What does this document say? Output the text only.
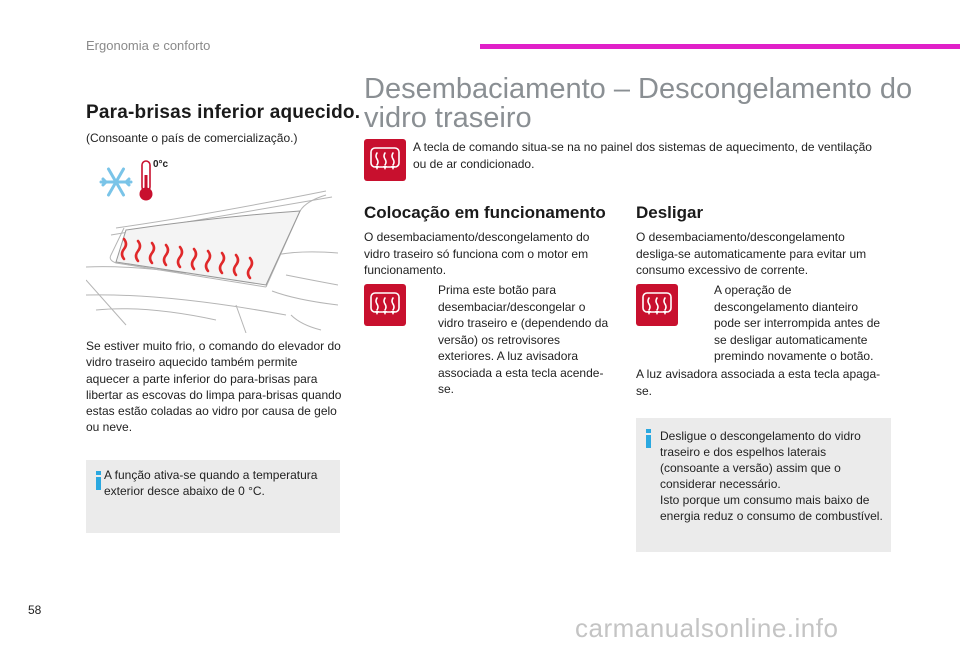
Ergonomia e conforto
Para-brisas inferior aquecido.
(Consoante o país de comercialização.)
0°c
Se estiver muito frio, o comando do elevador do vidro traseiro aquecido também permite aquecer a parte inferior do para-brisas para libertar as escovas do limpa para-brisas quando estas estão coladas ao vidro por causa de gelo ou neve.
A função ativa-se quando a temperatura exterior desce abaixo de 0 °C.
Desembaciamento – Descongelamento do vidro traseiro
A tecla de comando situa-se na no painel dos sistemas de aquecimento, de ventilação ou de ar condicionado.
Colocação em funcionamento
O desembaciamento/descongelamento do vidro traseiro só funciona com o motor em funcionamento.
Prima este botão para desembaciar/descongelar o vidro traseiro e (dependendo da versão) os retrovisores exteriores. A luz avisadora associada a esta tecla acende-se.
Desligar
O desembaciamento/descongelamento desliga-se automaticamente para evitar um consumo excessivo de corrente.
A operação de descongelamento dianteiro pode ser interrompida antes de se desligar automaticamente premindo novamente o botão.
A luz avisadora associada a esta tecla apaga-se.
Desligue o descongelamento do vidro traseiro e dos espelhos laterais (consoante a versão) assim que o considerar necessário.
Isto porque um consumo mais baixo de energia reduz o consumo de combustível.
58
carmanualsonline.info
